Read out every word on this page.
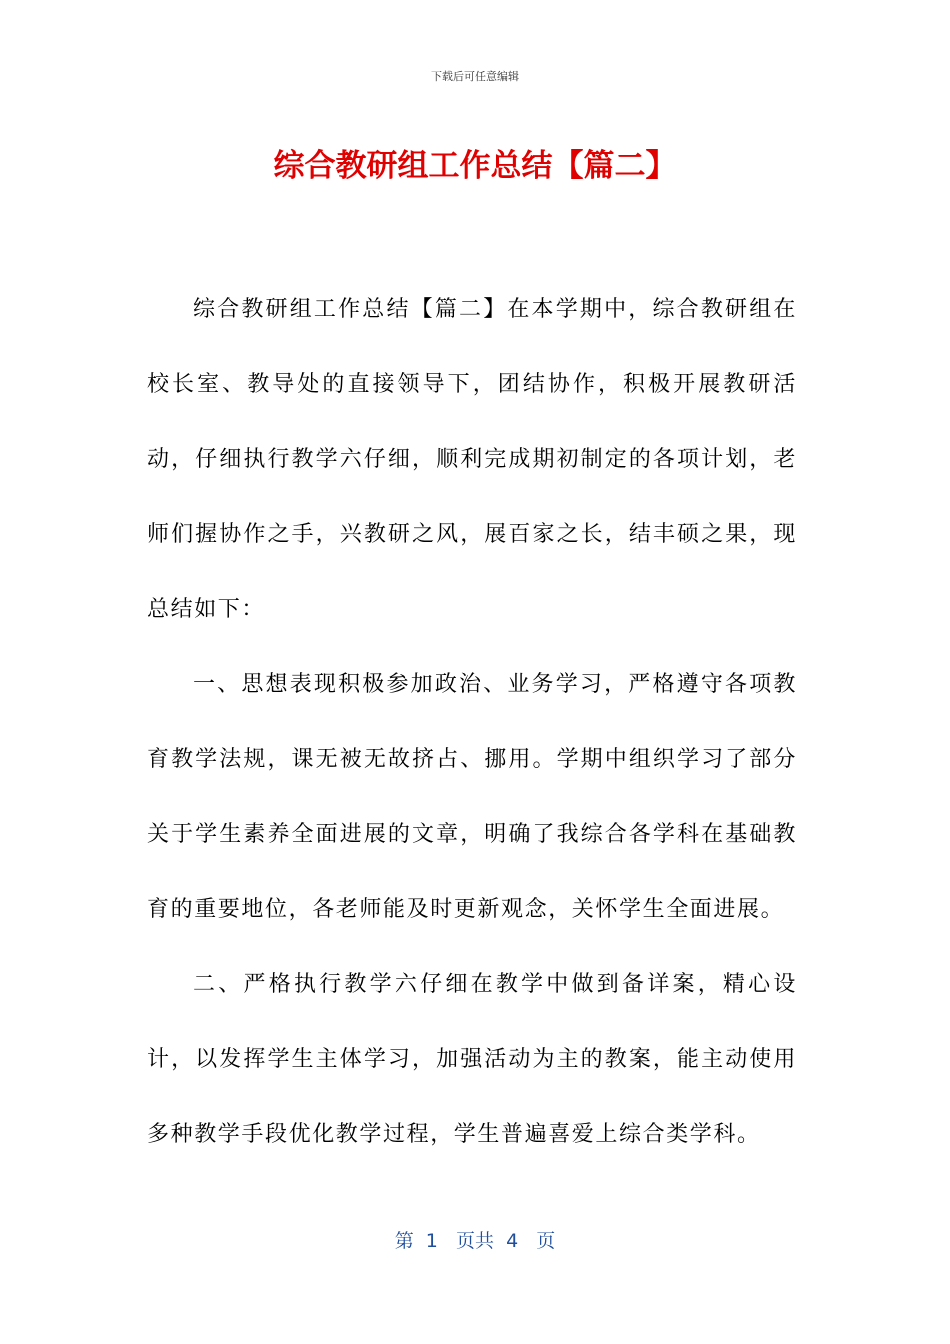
下载后可任意编辑
综合教研组工作总结【篇二】

综合教研组工作总结【篇二】在本学期中，综合教研组在校长室、教导处的直接领导下，团结协作，积极开展教研活动，仔细执行教学六仔细，顺利完成期初制定的各项计划，老师们握协作之手，兴教研之风，展百家之长，结丰硕之果，现总结如下：

一、思想表现积极参加政治、业务学习，严格遵守各项教育教学法规，课无被无故挤占、挪用。学期中组织学习了部分关于学生素养全面进展的文章，明确了我综合各学科在基础教育的重要地位，各老师能及时更新观念，关怀学生全面进展。

二、严格执行教学六仔细在教学中做到备详案，精心设计，以发挥学生主体学习，加强活动为主的教案，能主动使用多种教学手段优化教学过程，学生普遍喜爱上综合类学科。

第  1   页共  4   页
